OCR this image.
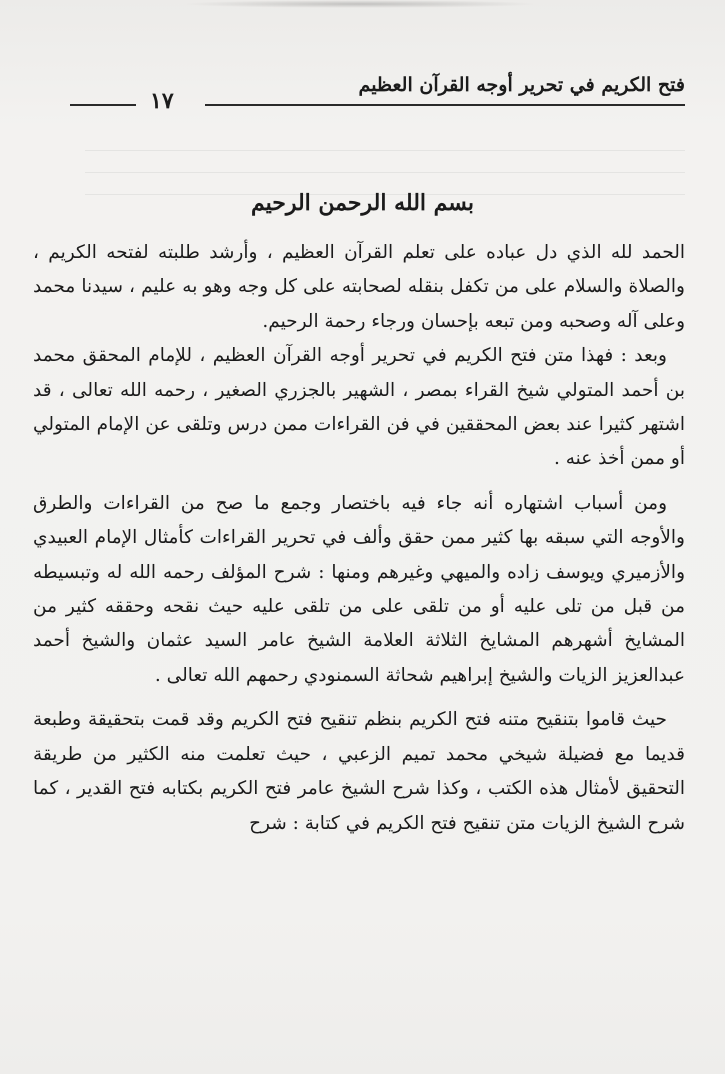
فتح الكريم في تحرير أوجه القرآن العظيم
١٧
بسم الله الرحمن الرحيم

الحمد لله الذي دل عباده على تعلم القرآن العظيم ، وأرشد طلبته لفتحه الكريم ، والصلاة والسلام على من تكفل بنقله لصحابته على كل وجه وهو به عليم ، سيدنا محمد وعلى آله وصحبه ومن تبعه بإحسان ورجاء رحمة الرحيم.

وبعد : فهذا متن فتح الكريم في تحرير أوجه القرآن العظيم ، للإمام المحقق محمد بن أحمد المتولي شيخ القراء بمصر ، الشهير بالجزري الصغير ، رحمه الله تعالى ، قد اشتهر كثيرا عند بعض المحققين في فن القراءات ممن درس وتلقى عن الإمام المتولي أو ممن أخذ عنه .

ومن أسباب اشتهاره أنه جاء فيه باختصار وجمع ما صح من القراءات والطرق والأوجه التي سبقه بها كثير ممن حقق وألف في تحرير القراءات كأمثال الإمام العبيدي والأزميري ويوسف زاده والميهي وغيرهم ومنها : شرح المؤلف رحمه الله له وتبسيطه من قبل من تلى عليه أو من تلقى على من تلقى عليه حيث نقحه وحققه كثير من المشايخ أشهرهم المشايخ الثلاثة العلامة الشيخ عامر السيد عثمان والشيخ أحمد عبدالعزيز الزيات والشيخ إبراهيم شحاثة السمنودي رحمهم الله تعالى .

حيث قاموا بتنقيح متنه فتح الكريم بنظم تنقيح فتح الكريم وقد قمت بتحقيقة وطبعة قديما مع فضيلة شيخي محمد تميم الزعبي ، حيث تعلمت منه الكثير من طريقة التحقيق لأمثال هذه الكتب ، وكذا شرح الشيخ عامر فتح الكريم بكتابه فتح القدير ، كما شرح الشيخ الزيات متن تنقيح فتح الكريم في كتابة : شرح
